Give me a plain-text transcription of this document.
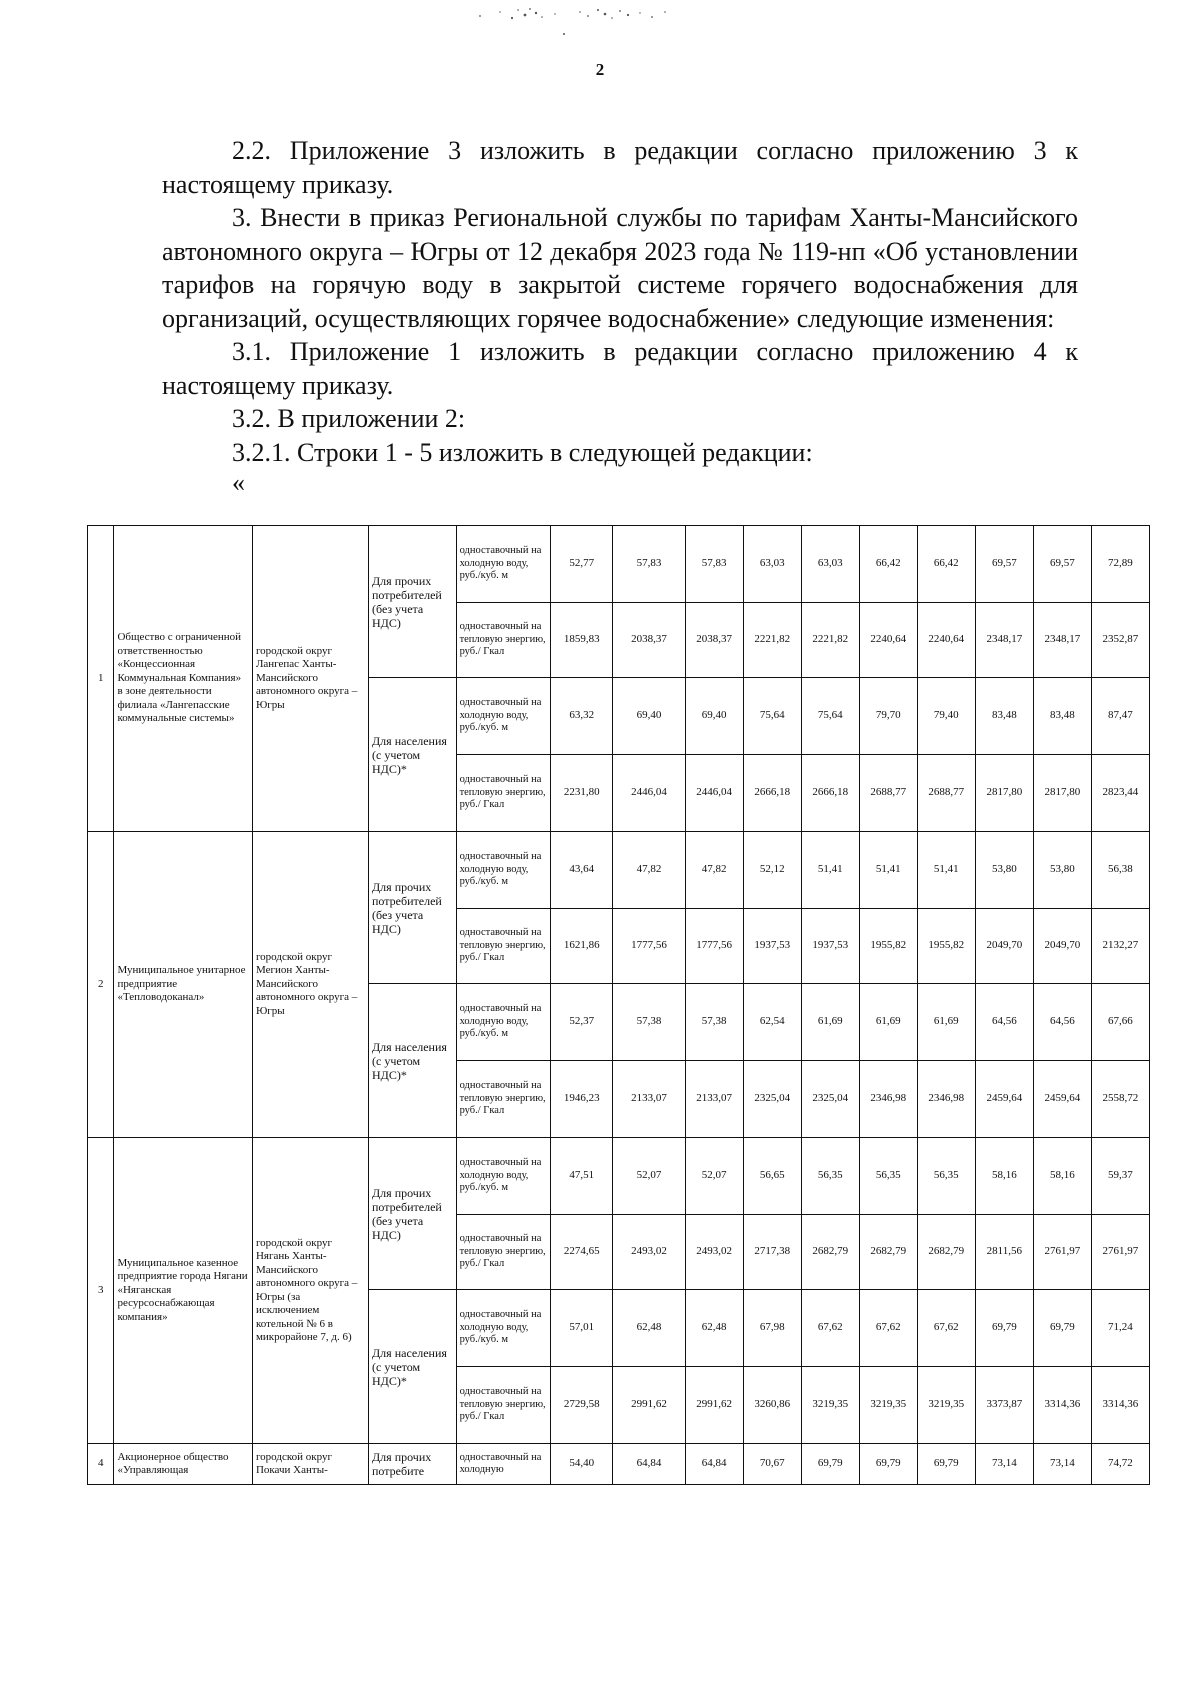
2

2.2. Приложение 3 изложить в редакции согласно приложению 3 к настоящему приказу.

3. Внести в приказ Региональной службы по тарифам Ханты-Мансийского автономного округа – Югры от 12 декабря 2023 года № 119-нп «Об установлении тарифов на горячую воду в закрытой системе горячего водоснабжения для организаций, осуществляющих горячее водоснабжение» следующие изменения:

3.1. Приложение 1 изложить в редакции согласно приложению 4 к настоящему приказу.

3.2. В приложении 2:

3.2.1. Строки 1 - 5 изложить в следующей редакции:

«

1	Общество с ограниченной ответственностью «Концессионная Коммунальная Компания» в зоне деятельности филиала «Лангепасские коммунальные системы»	городской округ Лангепас Ханты-Мансийского автономного округа – Югры	Для прочих потребителей (без учета НДС)	одноставочный на холодную воду, руб./куб. м	52,77	57,83	57,83	63,03	63,03	66,42	66,42	69,57	69,57	72,89
				одноставочный на тепловую энергию, руб./ Гкал	1859,83	2038,37	2038,37	2221,82	2221,82	2240,64	2240,64	2348,17	2348,17	2352,87
			Для населения (с учетом НДС)*	одноставочный на холодную воду, руб./куб. м	63,32	69,40	69,40	75,64	75,64	79,70	79,40	83,48	83,48	87,47
				одноставочный на тепловую энергию, руб./ Гкал	2231,80	2446,04	2446,04	2666,18	2666,18	2688,77	2688,77	2817,80	2817,80	2823,44
2	Муниципальное унитарное предприятие «Тепловодоканал»	городской округ Мегион Ханты-Мансийского автономного округа – Югры	Для прочих потребителей (без учета НДС)	одноставочный на холодную воду, руб./куб. м	43,64	47,82	47,82	52,12	51,41	51,41	51,41	53,80	53,80	56,38
				одноставочный на тепловую энергию, руб./ Гкал	1621,86	1777,56	1777,56	1937,53	1937,53	1955,82	1955,82	2049,70	2049,70	2132,27
			Для населения (с учетом НДС)*	одноставочный на холодную воду, руб./куб. м	52,37	57,38	57,38	62,54	61,69	61,69	61,69	64,56	64,56	67,66
				одноставочный на тепловую энергию, руб./ Гкал	1946,23	2133,07	2133,07	2325,04	2325,04	2346,98	2346,98	2459,64	2459,64	2558,72
3	Муниципальное казенное предприятие города Нягани «Няганская ресурсоснабжающая компания»	городской округ Нягань Ханты-Мансийского автономного округа – Югры (за исключением котельной № 6 в микрорайоне 7, д. 6)	Для прочих потребителей (без учета НДС)	одноставочный на холодную воду, руб./куб. м	47,51	52,07	52,07	56,65	56,35	56,35	56,35	58,16	58,16	59,37
				одноставочный на тепловую энергию, руб./ Гкал	2274,65	2493,02	2493,02	2717,38	2682,79	2682,79	2682,79	2811,56	2761,97	2761,97
			Для населения (с учетом НДС)*	одноставочный на холодную воду, руб./куб. м	57,01	62,48	62,48	67,98	67,62	67,62	67,62	69,79	69,79	71,24
				одноставочный на тепловую энергию, руб./ Гкал	2729,58	2991,62	2991,62	3260,86	3219,35	3219,35	3219,35	3373,87	3314,36	3314,36
4	Акционерное общество «Управляющая	городской округ Покачи Ханты-	Для прочих потребите	одноставочный на холодную	54,40	64,84	64,84	70,67	69,79	69,79	69,79	73,14	73,14	74,72
